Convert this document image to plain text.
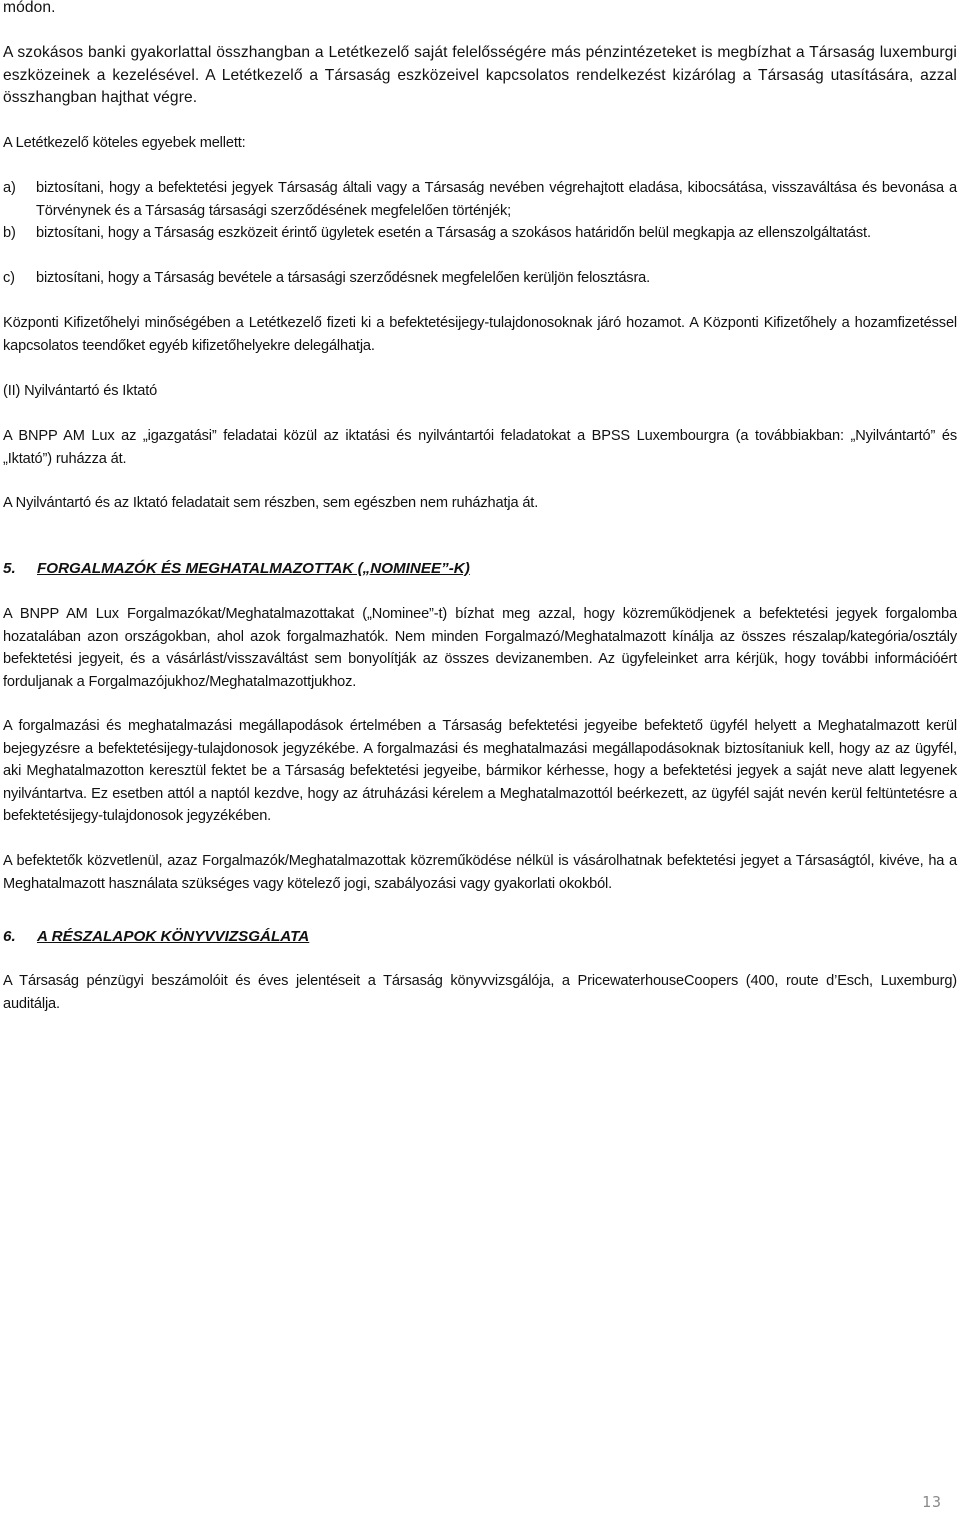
módon.

A szokásos banki gyakorlattal összhangban a Letétkezelő saját felelősségére más pénzintézeteket is megbízhat a Társaság luxemburgi eszközeinek a kezelésével. A Letétkezelő a Társaság eszközeivel kapcsolatos rendelkezést kizárólag a Társaság utasítására, azzal összhangban hajthat végre.

A Letétkezelő köteles egyebek mellett:

a)	biztosítani, hogy a befektetési jegyek Társaság általi vagy a Társaság nevében végrehajtott eladása, kibocsátása, visszaváltása és bevonása a Törvénynek és a Társaság társasági szerződésének megfelelően történjék;
b)	biztosítani, hogy a Társaság eszközeit érintő ügyletek esetén a Társaság a szokásos határidőn belül megkapja az ellenszolgáltatást.
c)	biztosítani, hogy a Társaság bevétele a társasági szerződésnek megfelelően kerüljön felosztásra.

Központi Kifizetőhelyi minőségében a Letétkezelő fizeti ki a befektetésijegy-tulajdonosoknak járó hozamot. A Központi Kifizetőhely a hozamfizetéssel kapcsolatos teendőket egyéb kifizetőhelyekre delegálhatja.

(II) Nyilvántartó és Iktató

A BNPP AM Lux az „igazgatási” feladatai közül az iktatási és nyilvántartói feladatokat a BPSS Luxembourgra (a továbbiakban: „Nyilvántartó” és „Iktató”) ruházza át.

A Nyilvántartó és az Iktató feladatait sem részben, sem egészben nem ruházhatja át.

5. FORGALMAZÓK ÉS MEGHATALMAZOTTAK („NOMINEE”-K)

A BNPP AM Lux Forgalmazókat/Meghatalmazottakat („Nominee”-t) bízhat meg azzal, hogy közreműködjenek a befektetési jegyek forgalomba hozatalában azon országokban, ahol azok forgalmazhatók. Nem minden Forgalmazó/Meghatalmazott kínálja az összes részalap/kategória/osztály befektetési jegyeit, és a vásárlást/visszaváltást sem bonyolítják az összes devizanemben. Az ügyfeleinket arra kérjük, hogy további információért forduljanak a Forgalmazójukhoz/Meghatalmazottjukhoz.

A forgalmazási és meghatalmazási megállapodások értelmében a Társaság befektetési jegyeibe befektető ügyfél helyett a Meghatalmazott kerül bejegyzésre a befektetésijegy-tulajdonosok jegyzékébe. A forgalmazási és meghatalmazási megállapodásoknak biztosítaniuk kell, hogy az az ügyfél, aki Meghatalmazotton keresztül fektet be a Társaság befektetési jegyeibe, bármikor kérhesse, hogy a befektetési jegyek a saját neve alatt legyenek nyilvántartva. Ez esetben attól a naptól kezdve, hogy az átruházási kérelem a Meghatalmazottól beérkezett, az ügyfél saját nevén kerül feltüntetésre a befektetésijegy-tulajdonosok jegyzékében.

A befektetők közvetlenül, azaz Forgalmazók/Meghatalmazottak közreműködése nélkül is vásárolhatnak befektetési jegyet a Társaságtól, kivéve, ha a Meghatalmazott használata szükséges vagy kötelező jogi, szabályozási vagy gyakorlati okokból.

6. A RÉSZALAPOK KÖNYVVIZSGÁLATA

A Társaság pénzügyi beszámolóit és éves jelentéseit a Társaság könyvvizsgálója, a PricewaterhouseCoopers (400, route d’Esch, Luxemburg) auditálja.

13
